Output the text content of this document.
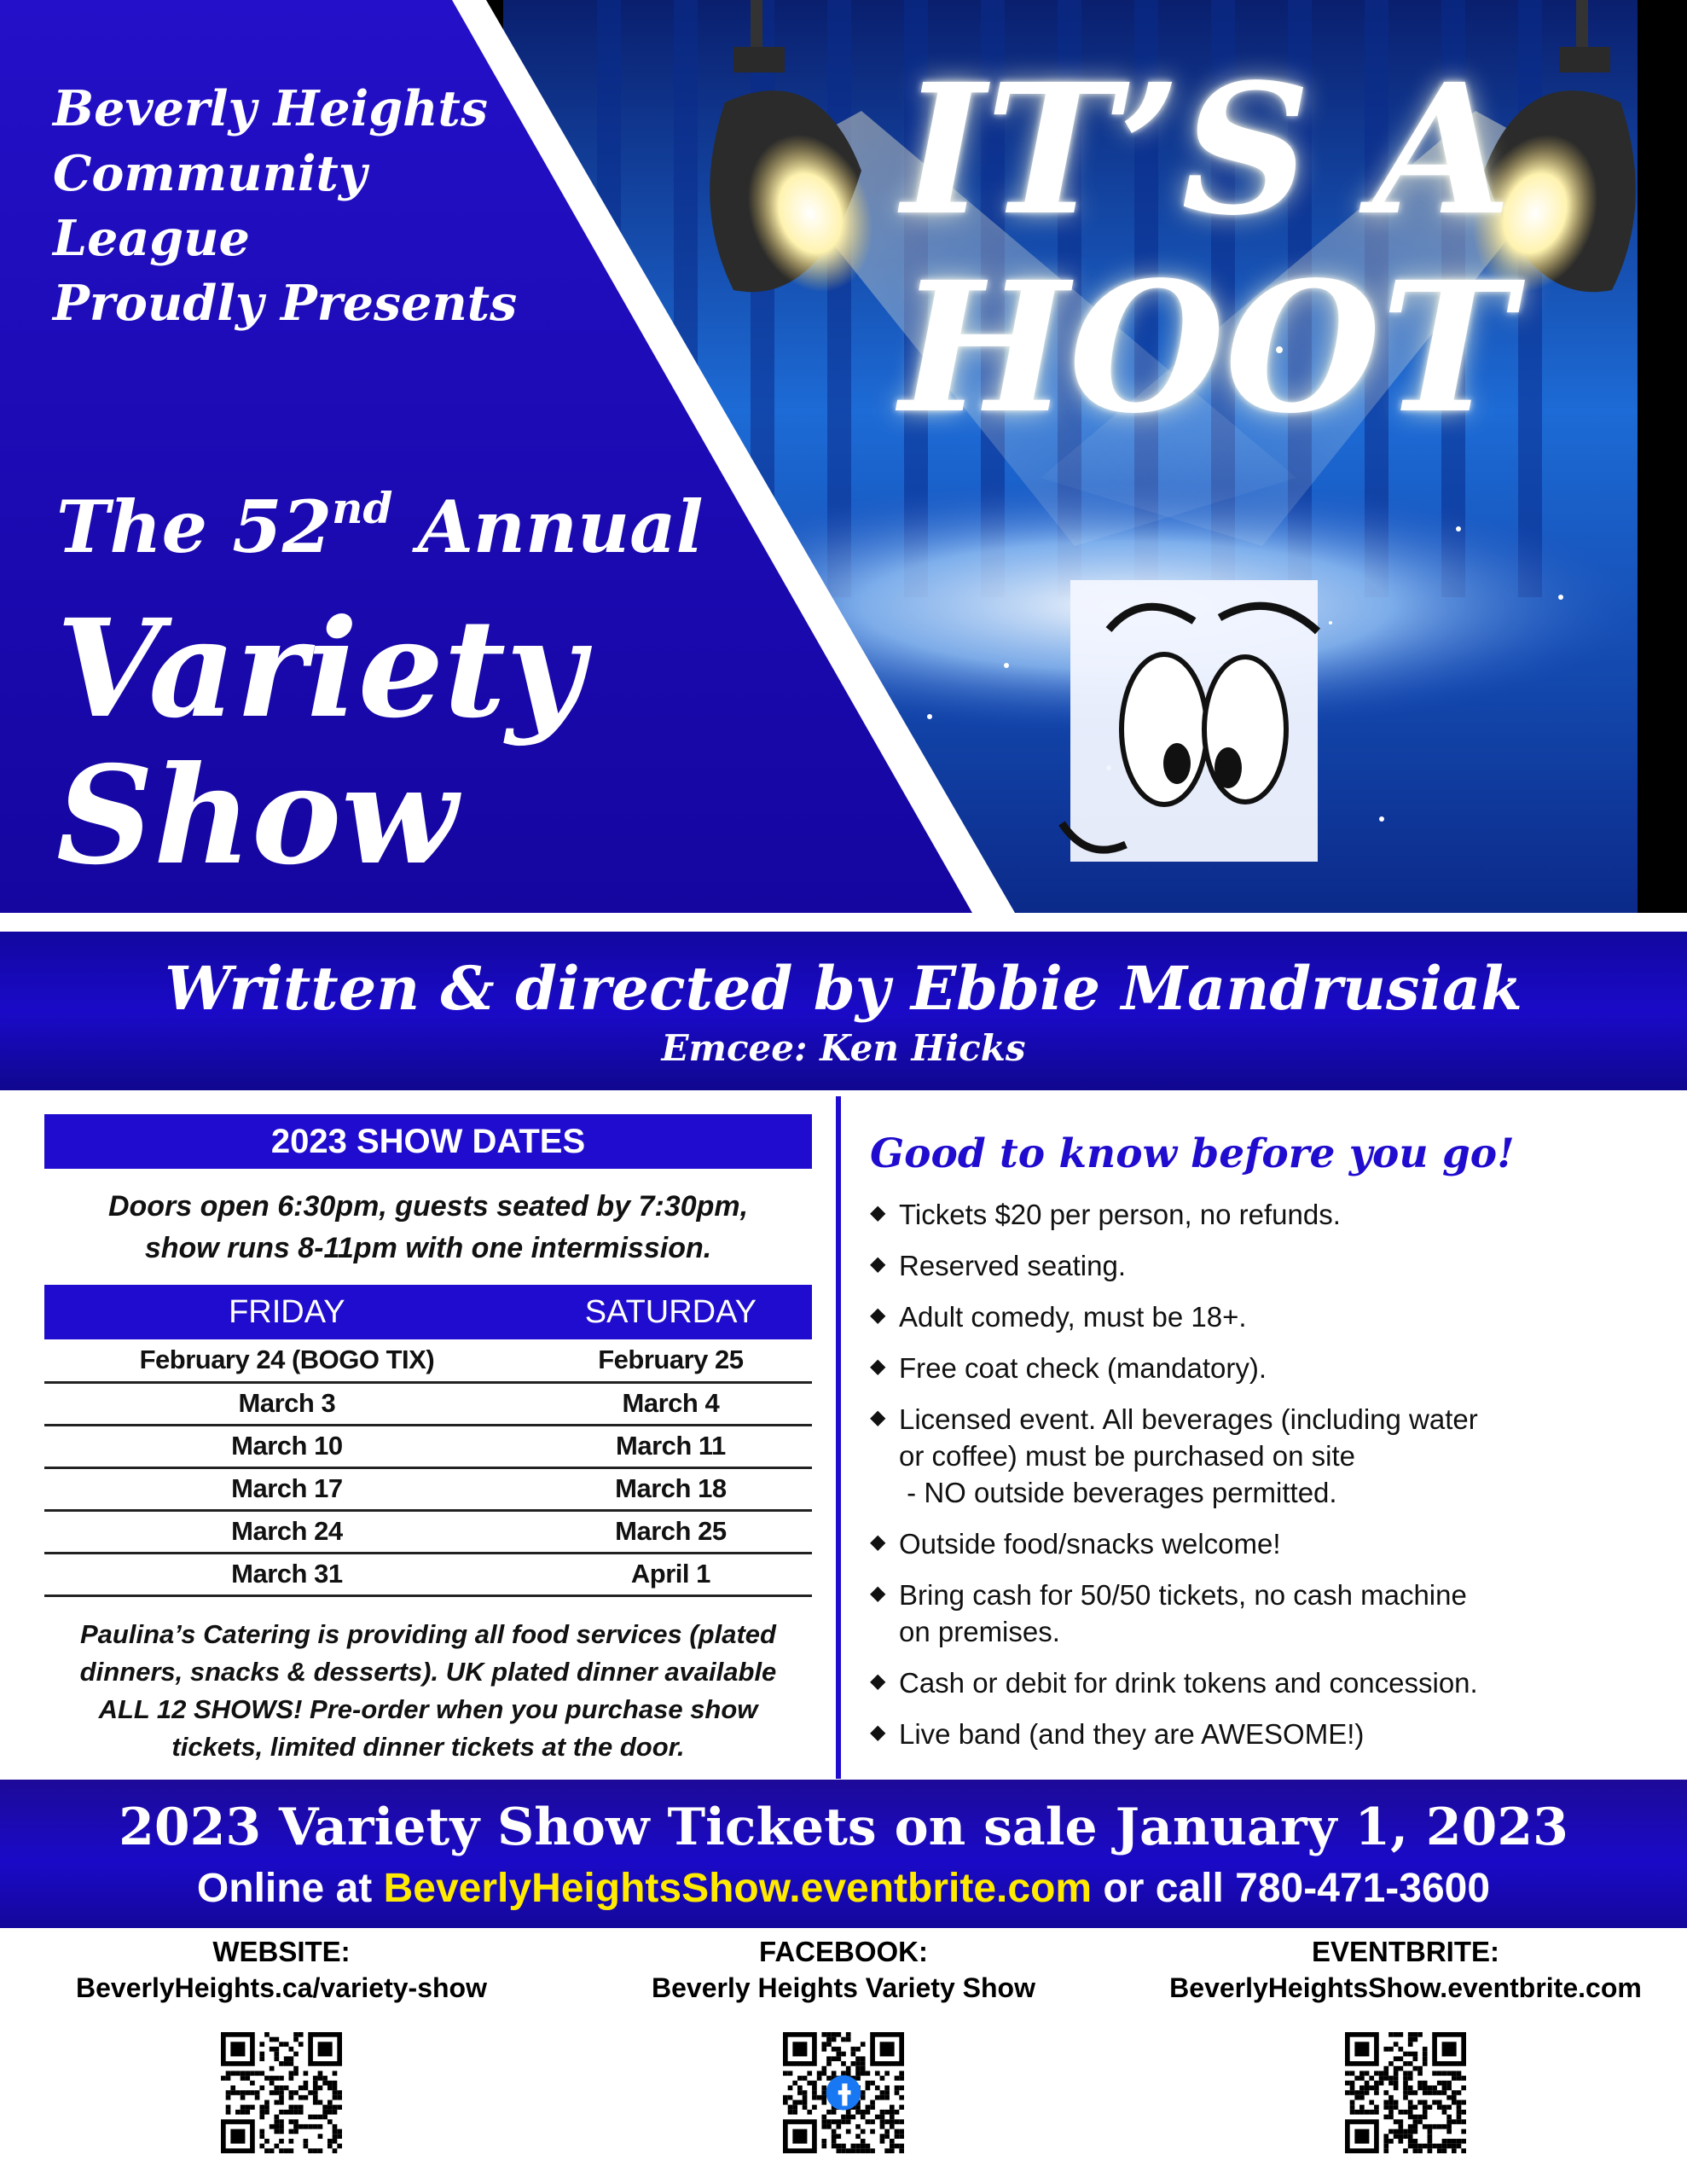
Beverly Heights
Community
League
Proudly Presents
The 52nd Annual
Variety
Show
IT’S A
HOOT
Written & directed by Ebbie Mandrusiak
Emcee: Ken Hicks
2023 SHOW DATES
Doors open 6:30pm, guests seated by 7:30pm,
show runs 8-11pm with one intermission.
FRIDAY	SATURDAY
February 24 (BOGO TIX)	February 25
March 3	March 4
March 10	March 11
March 17	March 18
March 24	March 25
March 31	April 1
Paulina’s Catering is providing all food services (plated
dinners, snacks & desserts). UK plated dinner available
ALL 12 SHOWS! Pre-order when you purchase show
tickets, limited dinner tickets at the door.
Good to know before you go!
◆ Tickets $20 per person, no refunds.
◆ Reserved seating.
◆ Adult comedy, must be 18+.
◆ Free coat check (mandatory).
◆ Licensed event. All beverages (including water
or coffee) must be purchased on site
- NO outside beverages permitted.
◆ Outside food/snacks welcome!
◆ Bring cash for 50/50 tickets, no cash machine
on premises.
◆ Cash or debit for drink tokens and concession.
◆ Live band (and they are AWESOME!)
2023 Variety Show Tickets on sale January 1, 2023
Online at BeverlyHeightsShow.eventbrite.com or call 780-471-3600
WEBSITE:
BeverlyHeights.ca/variety-show
FACEBOOK:
Beverly Heights Variety Show
EVENTBRITE:
BeverlyHeightsShow.eventbrite.com
